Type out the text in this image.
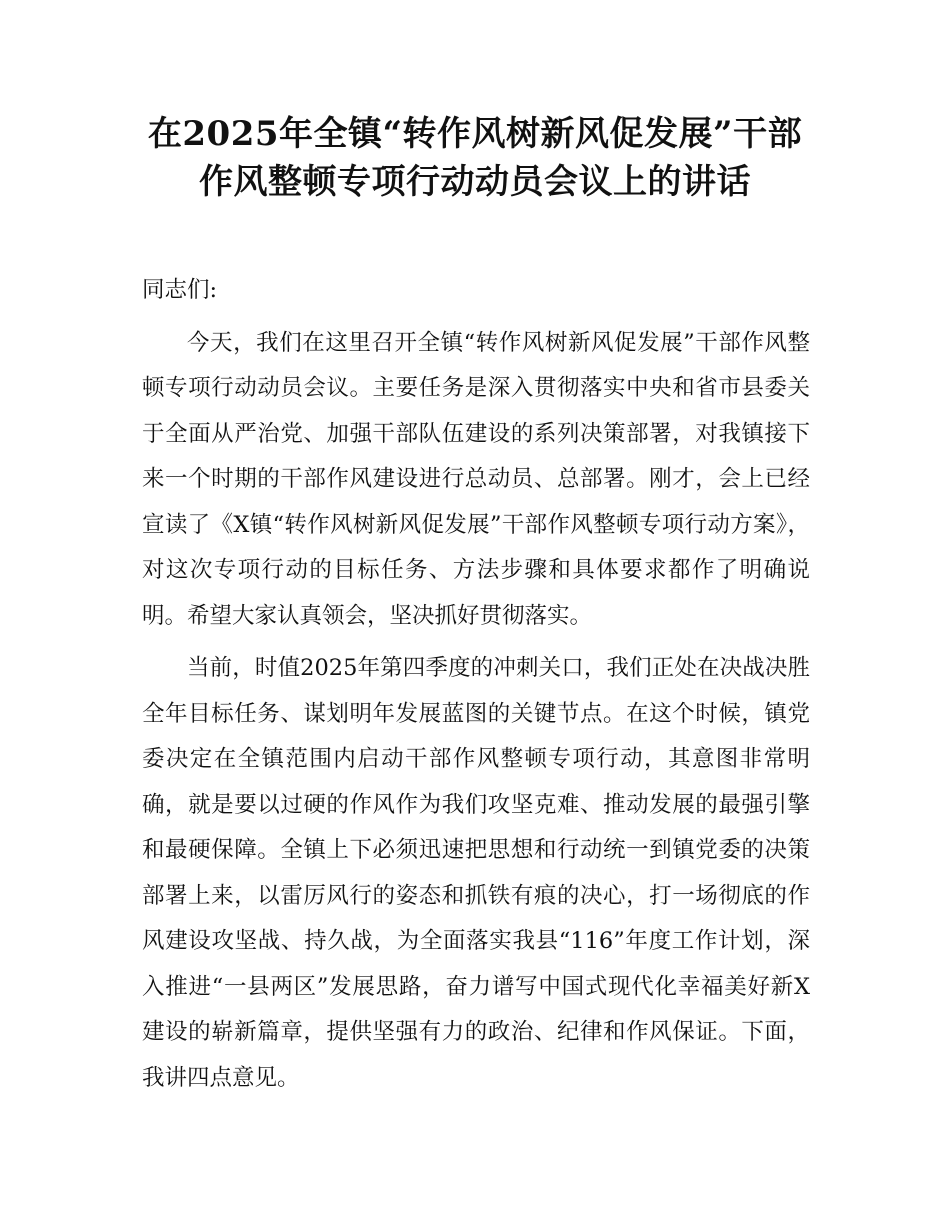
在2025年全镇“转作风树新风促发展”干部
作风整顿专项行动动员会议上的讲话

同志们:

今天，我们在这里召开全镇“转作风树新风促发展”干部作风整顿专项行动动员会议。主要任务是深入贯彻落实中央和省市县委关于全面从严治党、加强干部队伍建设的系列决策部署，对我镇接下来一个时期的干部作风建设进行总动员、总部署。刚才，会上已经宣读了《X镇“转作风树新风促发展”干部作风整顿专项行动方案》，对这次专项行动的目标任务、方法步骤和具体要求都作了明确说明。希望大家认真领会，坚决抓好贯彻落实。

当前，时值2025年第四季度的冲刺关口，我们正处在决战决胜全年目标任务、谋划明年发展蓝图的关键节点。在这个时候，镇党委决定在全镇范围内启动干部作风整顿专项行动，其意图非常明确，就是要以过硬的作风作为我们攻坚克难、推动发展的最强引擎和最硬保障。全镇上下必须迅速把思想和行动统一到镇党委的决策部署上来，以雷厉风行的姿态和抓铁有痕的决心，打一场彻底的作风建设攻坚战、持久战，为全面落实我县“116”年度工作计划，深入推进“一县两区”发展思路，奋力谱写中国式现代化幸福美好新X建设的崭新篇章，提供坚强有力的政治、纪律和作风保证。下面，我讲四点意见。
